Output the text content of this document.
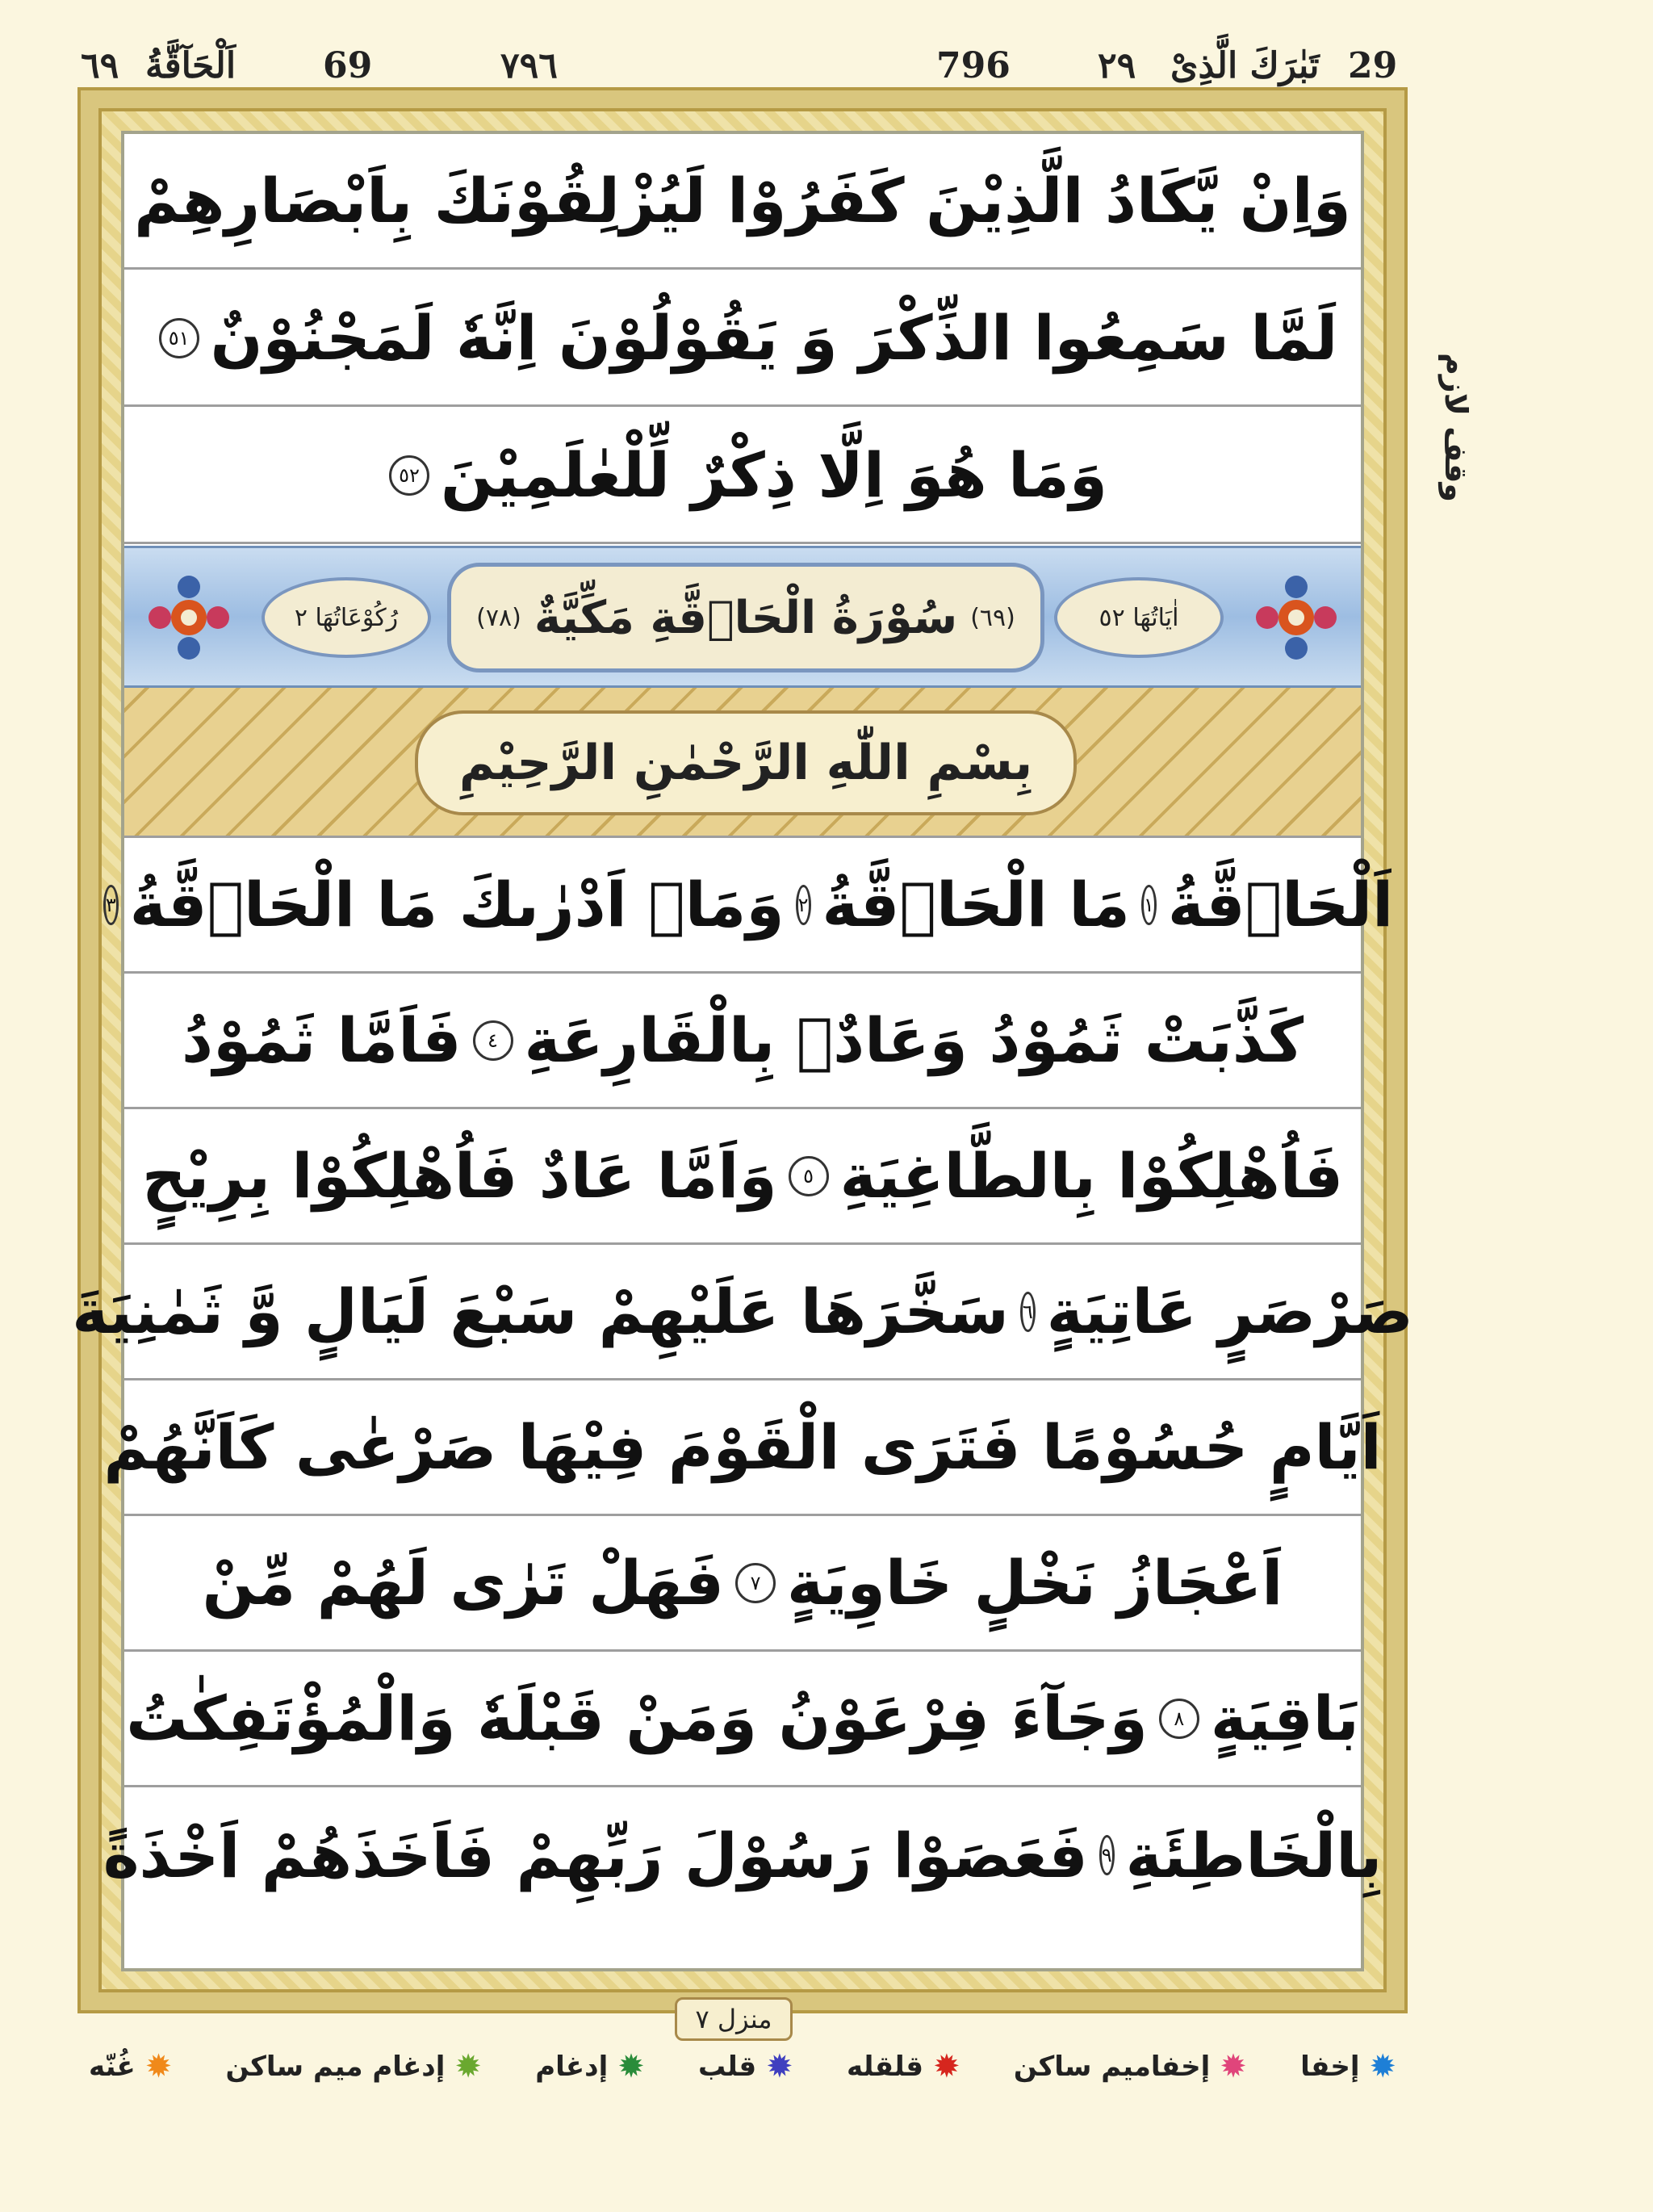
٦٩ اَلْحَآقَّةُ 69	٧٩٦	796 ٢٩ تَبٰرَكَ الَّذِیْ 29
وقف لازم
وَاِنْ يَّكَادُ الَّذِيْنَ كَفَرُوْا لَيُزْلِقُوْنَكَ بِاَبْصَارِهِمْ
لَمَّا سَمِعُوا الذِّكْرَ وَ يَقُوْلُوْنَ اِنَّهٗ لَمَجْنُوْنٌ
٥١
وَمَا هُوَ اِلَّا ذِكْرٌ لِّلْعٰلَمِيْنَ
٥٢
اٰیَاتُهَا ٥٢
(٦٩)
سُوْرَةُ الْحَاۤقَّةِ مَكِّيَّةٌ
(٧٨)
رُكُوْعَاتُهَا ٢
بِسْمِ اللّٰهِ الرَّحْمٰنِ الرَّحِيْمِ
اَلْحَاۤقَّةُ
١
مَا الْحَاۤقَّةُ
٢
وَمَاۤ اَدْرٰىكَ مَا الْحَاۤقَّةُ
٣
كَذَّبَتْ ثَمُوْدُ وَعَادٌۢ بِالْقَارِعَةِ
٤
فَاَمَّا ثَمُوْدُ
فَاُهْلِكُوْا بِالطَّاغِيَةِ
٥
وَاَمَّا عَادٌ فَاُهْلِكُوْا بِرِيْحٍ
صَرْصَرٍ عَاتِيَةٍ
٦
سَخَّرَهَا عَلَيْهِمْ سَبْعَ لَيَالٍ وَّ ثَمٰنِيَةَ
اَيَّامٍ حُسُوْمًا فَتَرَى الْقَوْمَ فِيْهَا صَرْعٰى كَاَنَّهُمْ
اَعْجَازُ نَخْلٍ خَاوِيَةٍ
٧
فَهَلْ تَرٰى لَهُمْ مِّنْ
بَاقِيَةٍ
٨
وَجَآءَ فِرْعَوْنُ وَمَنْ قَبْلَهٗ وَالْمُؤْتَفِكٰتُ
بِالْخَاطِئَةِ
٩
فَعَصَوْا رَسُوْلَ رَبِّهِمْ فَاَخَذَهُمْ اَخْذَةً
منزل ٧
✹
إخفا
✹
إخفاميم ساكن
✹
قلقله
✹
قلب
✹
إدغام
✹
إدغام ميم ساكن
✹
غُنّه
